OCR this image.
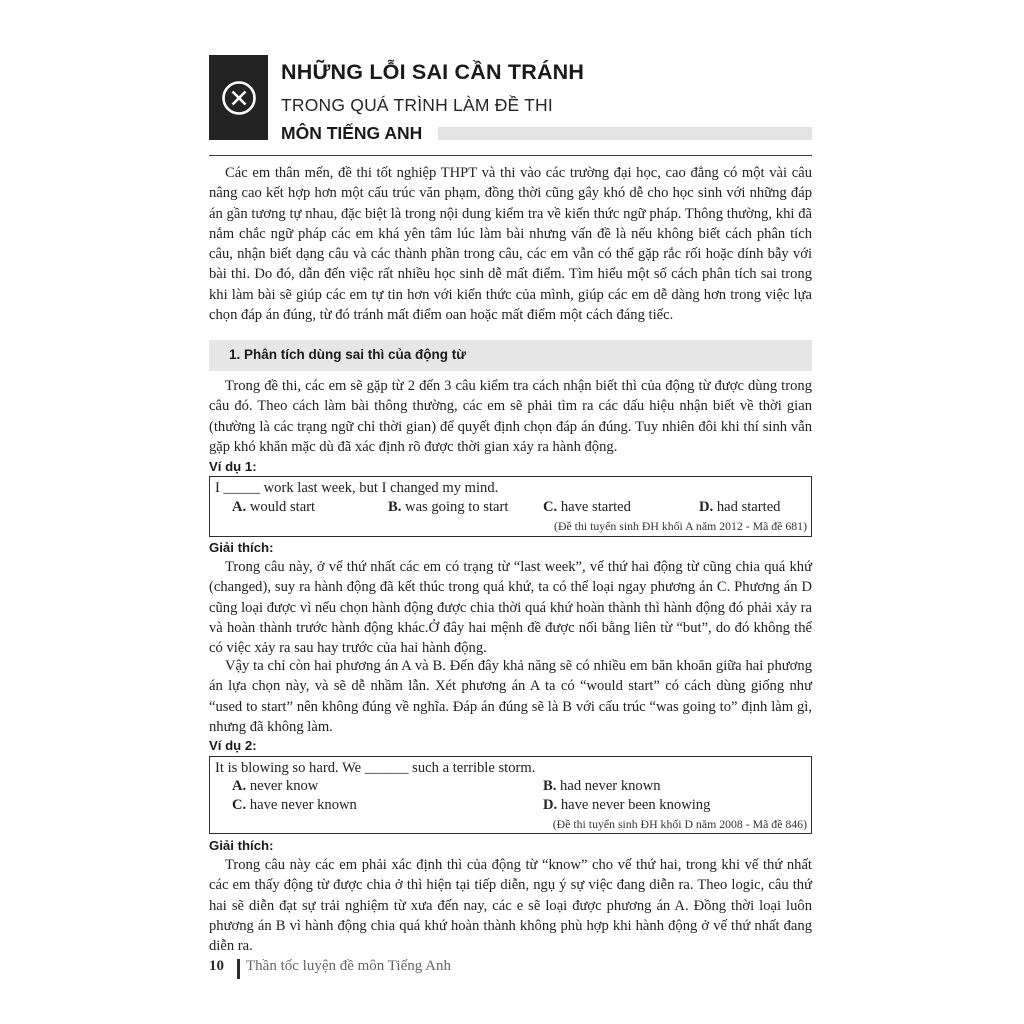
NHỮNG LỖI SAI CẦN TRÁNH
TRONG QUÁ TRÌNH LÀM ĐỀ THI
MÔN TIẾNG ANH
Các em thân mến, đề thi tốt nghiệp THPT và thi vào các trường đại học, cao đẳng có một vài câu nâng cao kết hợp hơn một cấu trúc văn phạm, đồng thời cũng gây khó dễ cho học sinh với những đáp án gần tương tự nhau, đặc biệt là trong nội dung kiểm tra về kiến thức ngữ pháp. Thông thường, khi đã nắm chắc ngữ pháp các em khá yên tâm lúc làm bài nhưng vấn đề là nếu không biết cách phân tích câu, nhận biết dạng câu và các thành phần trong câu, các em vẫn có thể gặp rắc rối hoặc dính bẫy với bài thi. Do đó, dẫn đến việc rất nhiều học sinh dễ mất điểm. Tìm hiểu một số cách phân tích sai trong khi làm bài sẽ giúp các em tự tin hơn với kiến thức của mình, giúp các em dễ dàng hơn trong việc lựa chọn đáp án đúng, từ đó tránh mất điểm oan hoặc mất điểm một cách đáng tiếc.
1. Phân tích dùng sai thì của động từ
Trong đề thi, các em sẽ gặp từ 2 đến 3 câu kiểm tra cách nhận biết thì của động từ được dùng trong câu đó. Theo cách làm bài thông thường, các em sẽ phải tìm ra các dấu hiệu nhận biết về thời gian (thường là các trạng ngữ chỉ thời gian) để quyết định chọn đáp án đúng. Tuy nhiên đôi khi thí sinh vẫn gặp khó khăn mặc dù đã xác định rõ được thời gian xảy ra hành động.
Ví dụ 1:
I _____ work last week, but I changed my mind.
A. would start	B. was going to start C. have started	D. had started
(Đề thi tuyển sinh ĐH khối A năm 2012 - Mã đề 681)
Giải thích:
Trong câu này, ở vế thứ nhất các em có trạng từ “last week”, vế thứ hai động từ cũng chia quá khứ (changed), suy ra hành động đã kết thúc trong quá khứ, ta có thể loại ngay phương án C. Phương án D cũng loại được vì nếu chọn hành động được chia thời quá khứ hoàn thành thì hành động đó phải xảy ra và hoàn thành trước hành động khác.Ở đây hai mệnh đề được nối bằng liên từ “but”, do đó không thể có việc xảy ra sau hay trước của hai hành động.
Vậy ta chỉ còn hai phương án A và B. Đến đây khả năng sẽ có nhiều em băn khoăn giữa hai phương án lựa chọn này, và sẽ dễ nhầm lẫn. Xét phương án A ta có “would start” có cách dùng giống như “used to start” nên không đúng về nghĩa. Đáp án đúng sẽ là B với cấu trúc “was going to” định làm gì, nhưng đã không làm.
Ví dụ 2:
It is blowing so hard. We ______ such a terrible storm.
A. never know	B. had never known
C. have never known	D. have never been knowing
(Đề thi tuyển sinh ĐH khối D năm 2008 - Mã đề 846)
Giải thích:
Trong câu này các em phải xác định thì của động từ “know” cho vế thứ hai, trong khi vế thứ nhất các em thấy động từ được chia ở thì hiện tại tiếp diễn, ngụ ý sự việc đang diễn ra. Theo logic, câu thứ hai sẽ diễn đạt sự trải nghiệm từ xưa đến nay, các e sẽ loại được phương án A. Đồng thời loại luôn phương án B vì hành động chia quá khứ hoàn thành không phù hợp khi hành động ở vế thứ nhất đang diễn ra.
10 Thần tốc luyện đề môn Tiếng Anh
